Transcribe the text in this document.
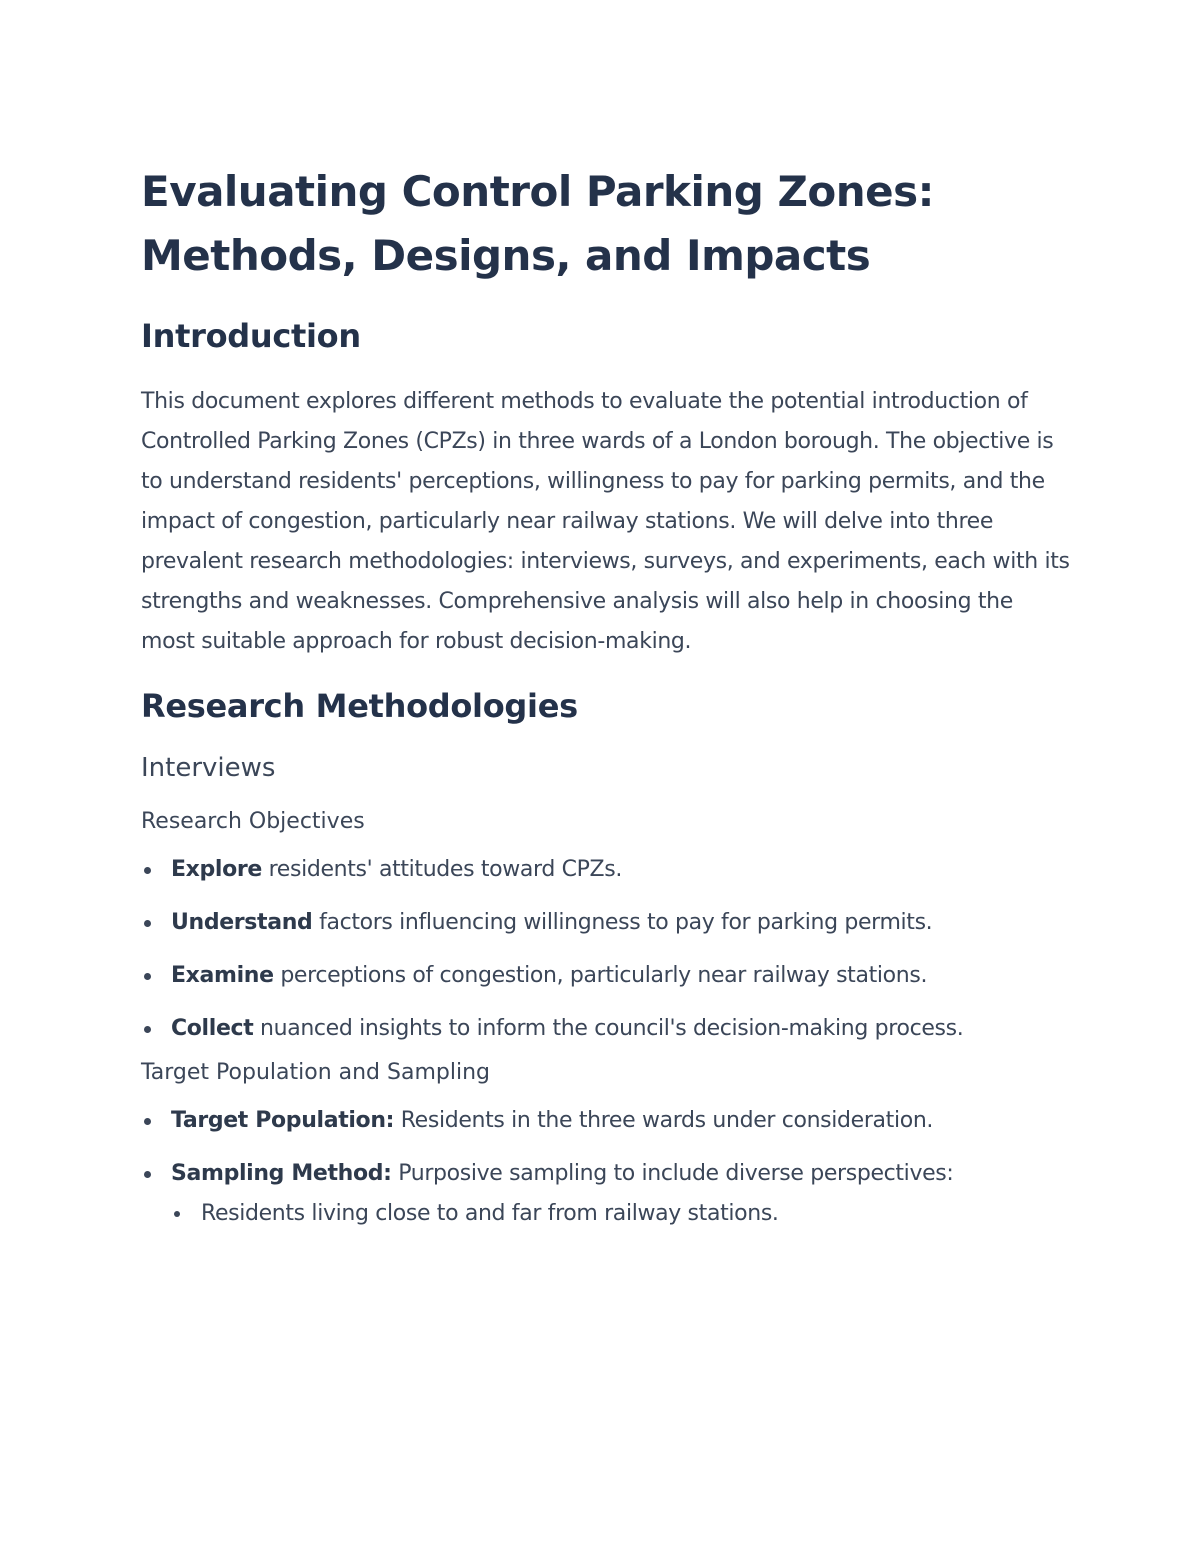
Evaluating Control Parking Zones:
Methods, Designs, and Impacts
Introduction

This document explores different methods to evaluate the potential introduction of Controlled Parking Zones (CPZs) in three wards of a London borough. The objective is to understand residents' perceptions, willingness to pay for parking permits, and the impact of congestion, particularly near railway stations. We will delve into three prevalent research methodologies: interviews, surveys, and experiments, each with its strengths and weaknesses. Comprehensive analysis will also help in choosing the most suitable approach for robust decision-making.

Research Methodologies
Interviews
Research Objectives
Explore residents' attitudes toward CPZs.
Understand factors influencing willingness to pay for parking permits.
Examine perceptions of congestion, particularly near railway stations.
Collect nuanced insights to inform the council's decision-making process.
Target Population and Sampling
Target Population: Residents in the three wards under consideration.
Sampling Method: Purposive sampling to include diverse perspectives:
Residents living close to and far from railway stations.
